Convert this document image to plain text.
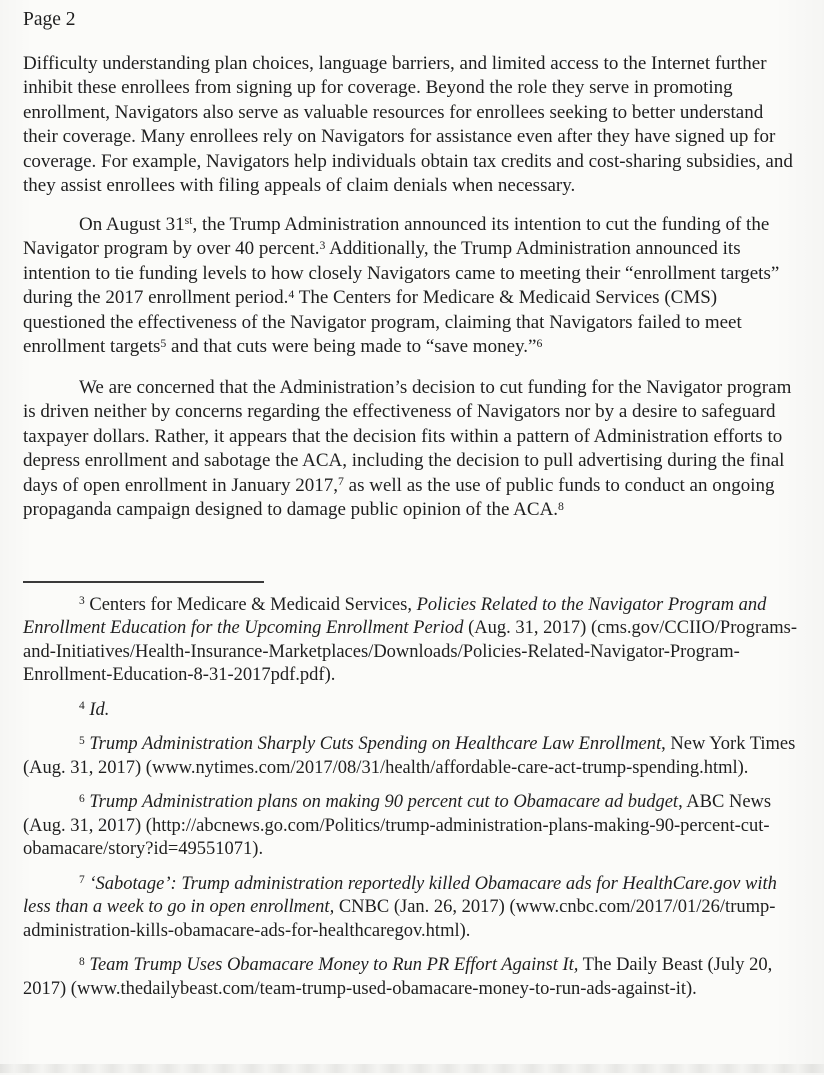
Page 2

Difficulty understanding plan choices, language barriers, and limited access to the Internet further inhibit these enrollees from signing up for coverage. Beyond the role they serve in promoting enrollment, Navigators also serve as valuable resources for enrollees seeking to better understand their coverage. Many enrollees rely on Navigators for assistance even after they have signed up for coverage. For example, Navigators help individuals obtain tax credits and cost-sharing subsidies, and they assist enrollees with filing appeals of claim denials when necessary.

On August 31st, the Trump Administration announced its intention to cut the funding of the Navigator program by over 40 percent.$^3$ Additionally, the Trump Administration announced its intention to tie funding levels to how closely Navigators came to meeting their “enrollment targets” during the 2017 enrollment period.$^4$ The Centers for Medicare & Medicaid Services (CMS) questioned the effectiveness of the Navigator program, claiming that Navigators failed to meet enrollment targets$^5$ and that cuts were being made to “save money.”$^6$

We are concerned that the Administration’s decision to cut funding for the Navigator program is driven neither by concerns regarding the effectiveness of Navigators nor by a desire to safeguard taxpayer dollars. Rather, it appears that the decision fits within a pattern of Administration efforts to depress enrollment and sabotage the ACA, including the decision to pull advertising during the final days of open enrollment in January 2017,$^7$ as well as the use of public funds to conduct an ongoing propaganda campaign designed to damage public opinion of the ACA.$^8$

$^3$ Centers for Medicare & Medicaid Services, Policies Related to the Navigator Program and Enrollment Education for the Upcoming Enrollment Period (Aug. 31, 2017) (cms.gov/CCIIO/Programs-and-Initiatives/Health-Insurance-Marketplaces/Downloads/Policies-Related-Navigator-Program-Enrollment-Education-8-31-2017pdf.pdf).

$^4$ Id.

$^5$ Trump Administration Sharply Cuts Spending on Healthcare Law Enrollment, New York Times (Aug. 31, 2017) (www.nytimes.com/2017/08/31/health/affordable-care-act-trump-spending.html).

$^6$ Trump Administration plans on making 90 percent cut to Obamacare ad budget, ABC News (Aug. 31, 2017) (http://abcnews.go.com/Politics/trump-administration-plans-making-90-percent-cut-obamacare/story?id=49551071).

$^7$ ‘Sabotage’: Trump administration reportedly killed Obamacare ads for HealthCare.gov with less than a week to go in open enrollment, CNBC (Jan. 26, 2017) (www.cnbc.com/2017/01/26/trump-administration-kills-obamacare-ads-for-healthcaregov.html).

$^8$ Team Trump Uses Obamacare Money to Run PR Effort Against It, The Daily Beast (July 20, 2017) (www.thedailybeast.com/team-trump-used-obamacare-money-to-run-ads-against-it).
